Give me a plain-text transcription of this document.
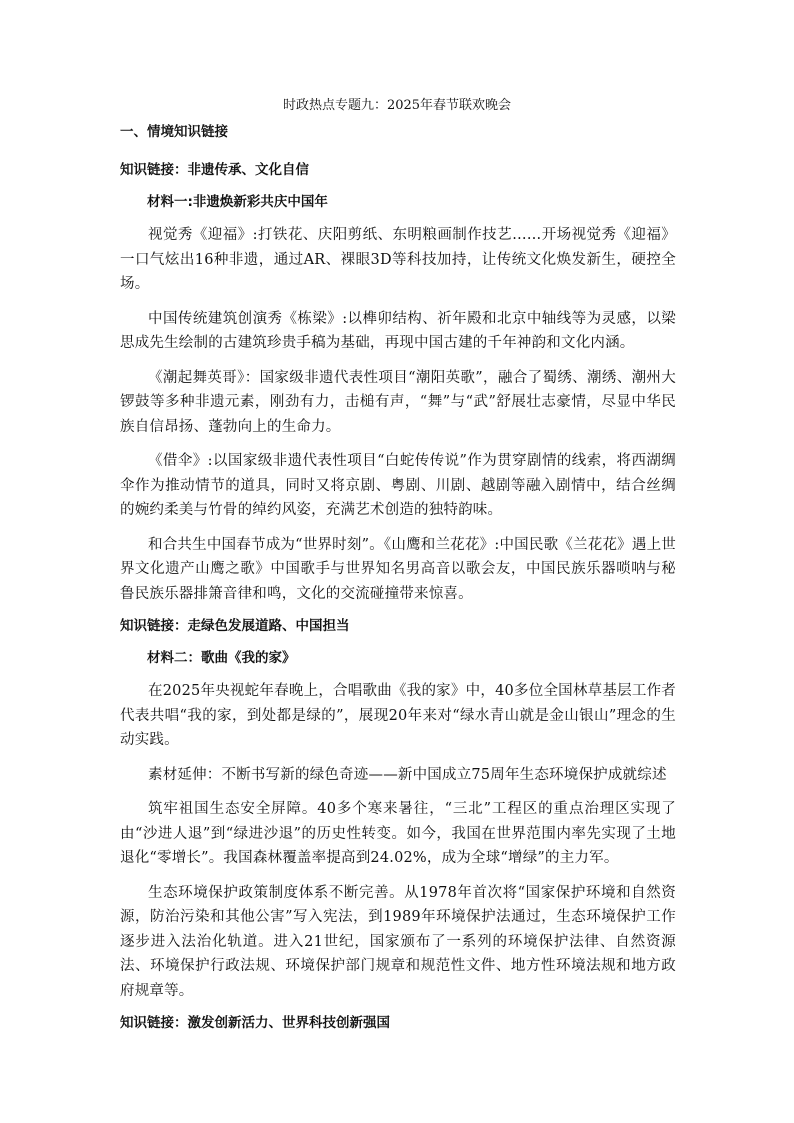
时政热点专题九：2025年春节联欢晚会
一、情境知识链接
知识链接：非遗传承、文化自信
材料一:非遗焕新彩共庆中国年

视觉秀《迎福》:打铁花、庆阳剪纸、东明粮画制作技艺……开场视觉秀《迎福》一口气炫出16种非遗，通过AR、裸眼3D等科技加持，让传统文化焕发新生，硬控全场。

中国传统建筑创演秀《栋梁》:以榫卯结构、祈年殿和北京中轴线等为灵感，以梁思成先生绘制的古建筑珍贵手稿为基础，再现中国古建的千年神韵和文化内涵。

《潮起舞英哥》：国家级非遗代表性项目“潮阳英歌”，融合了蜀绣、潮绣、潮州大锣鼓等多种非遗元素，刚劲有力，击槌有声，“舞”与“武”舒展壮志豪情，尽显中华民族自信昂扬、蓬勃向上的生命力。

《借伞》:以国家级非遗代表性项目“白蛇传传说”作为贯穿剧情的线索，将西湖绸伞作为推动情节的道具，同时又将京剧、粤剧、川剧、越剧等融入剧情中，结合丝绸的婉约柔美与竹骨的绰约风姿，充满艺术创造的独特韵味。

和合共生中国春节成为“世界时刻”。《山鹰和兰花花》:中国民歌《兰花花》遇上世界文化遗产山鹰之歌》中国歌手与世界知名男高音以歌会友，中国民族乐器唢呐与秘鲁民族乐器排箫音律和鸣，文化的交流碰撞带来惊喜。

知识链接：走绿色发展道路、中国担当
材料二：歌曲《我的家》

在2025年央视蛇年春晚上，合唱歌曲《我的家》中，40多位全国林草基层工作者代表共唱“我的家，到处都是绿的”，展现20年来对“绿水青山就是金山银山”理念的生动实践。

素材延伸：不断书写新的绿色奇迹——新中国成立75周年生态环境保护成就综述

筑牢祖国生态安全屏障。40多个寒来暑往，“三北”工程区的重点治理区实现了由“沙进人退”到“绿进沙退”的历史性转变。如今，我国在世界范围内率先实现了土地退化“零增长”。我国森林覆盖率提高到24.02%，成为全球“增绿”的主力军。

生态环境保护政策制度体系不断完善。从1978年首次将“国家保护环境和自然资源，防治污染和其他公害”写入宪法，到1989年环境保护法通过，生态环境保护工作逐步进入法治化轨道。进入21世纪，国家颁布了一系列的环境保护法律、自然资源法、环境保护行政法规、环境保护部门规章和规范性文件、地方性环境法规和地方政府规章等。

知识链接：激发创新活力、世界科技创新强国
